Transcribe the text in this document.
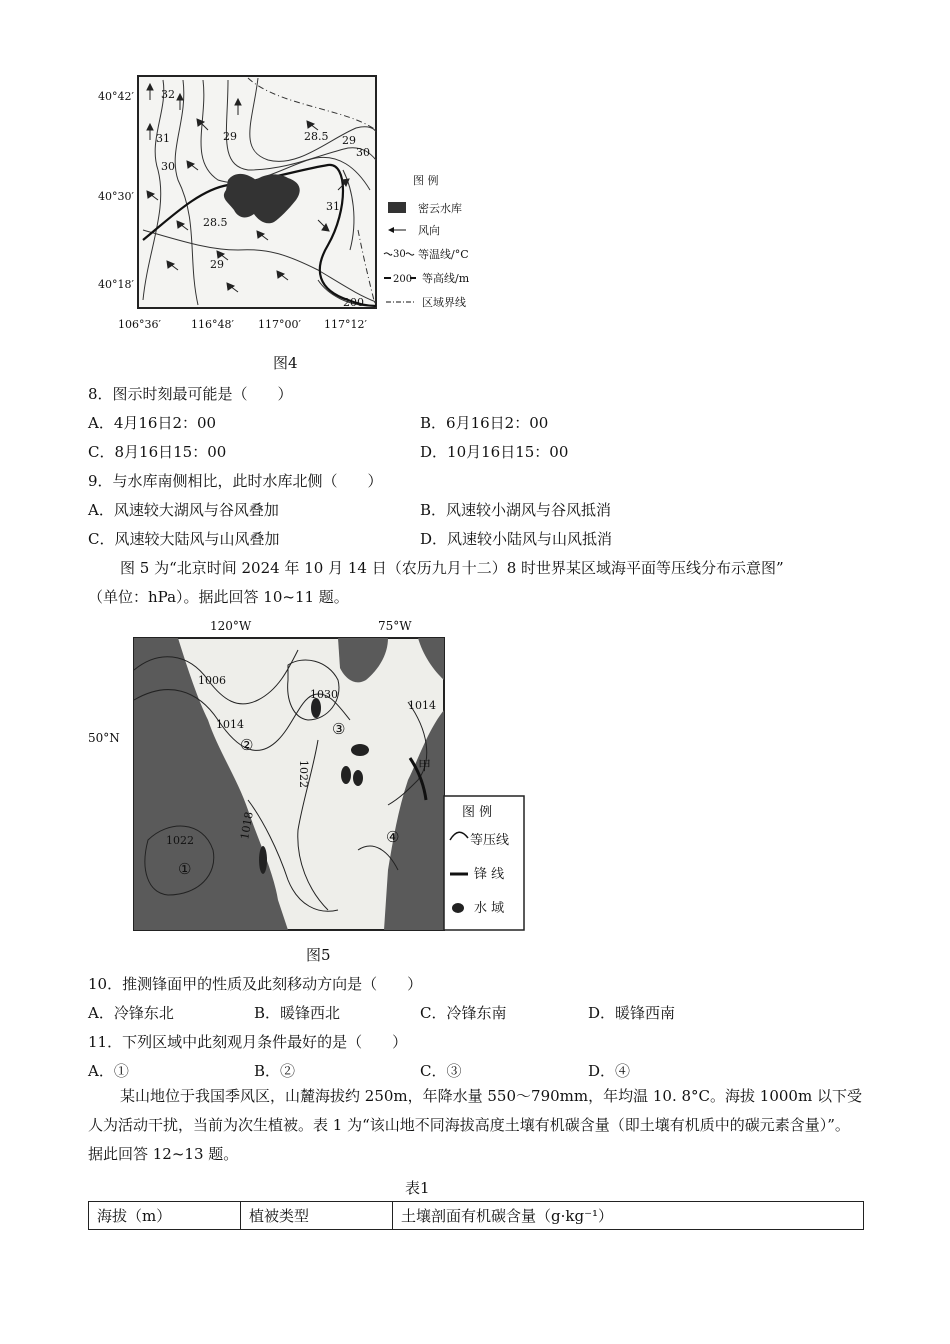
32
31
30
29	28.5 29
30
31
28.5
29
200
40°42′
40°30′
40°18′
106°36′	116°48′ 117°00′ 117°12′
图 例
密云水库
风向
30 等温线/°C
200 等高线/m
区域界线
图4
8．图示时刻最可能是（　　）
A．4月16日2：00	B．6月16日2：00
C．8月16日15：00	D．10月16日15：00
9．与水库南侧相比，此时水库北侧（　　）
A．风速较大湖风与谷风叠加	B．风速较小湖风与谷风抵消
C．风速较大陆风与山风叠加	D．风速较小陆风与山风抵消
图 5 为“北京时间 2024 年 10 月 14 日（农历九月十二）8 时世界某区域海平面等压线分布示意图”
（单位：hPa）。据此回答 10~11 题。
120°W	75°W
50°N
1006
1014
1030
1014
1022
1022
1018
①
②
③
④
甲
图 例
等压线
锋 线
水 域
图5
10．推测锋面甲的性质及此刻移动方向是（　　）
A．冷锋东北	B．暖锋西北	C．冷锋东南	D．暖锋西南
11．下列区域中此刻观月条件最好的是（　　）
A．①	B．②	C．③	D．④
某山地位于我国季风区，山麓海拔约 250m，年降水量 550～790mm，年均温 10. 8°C。海拔 1000m 以下受人为活动干扰，当前为次生植被。表 1 为“该山地不同海拔高度土壤有机碳含量（即土壤有机质中的碳元素含量）”。据此回答 12~13 题。
表1
海拔（m）	植被类型	土壤剖面有机碳含量（g·kg⁻¹）
